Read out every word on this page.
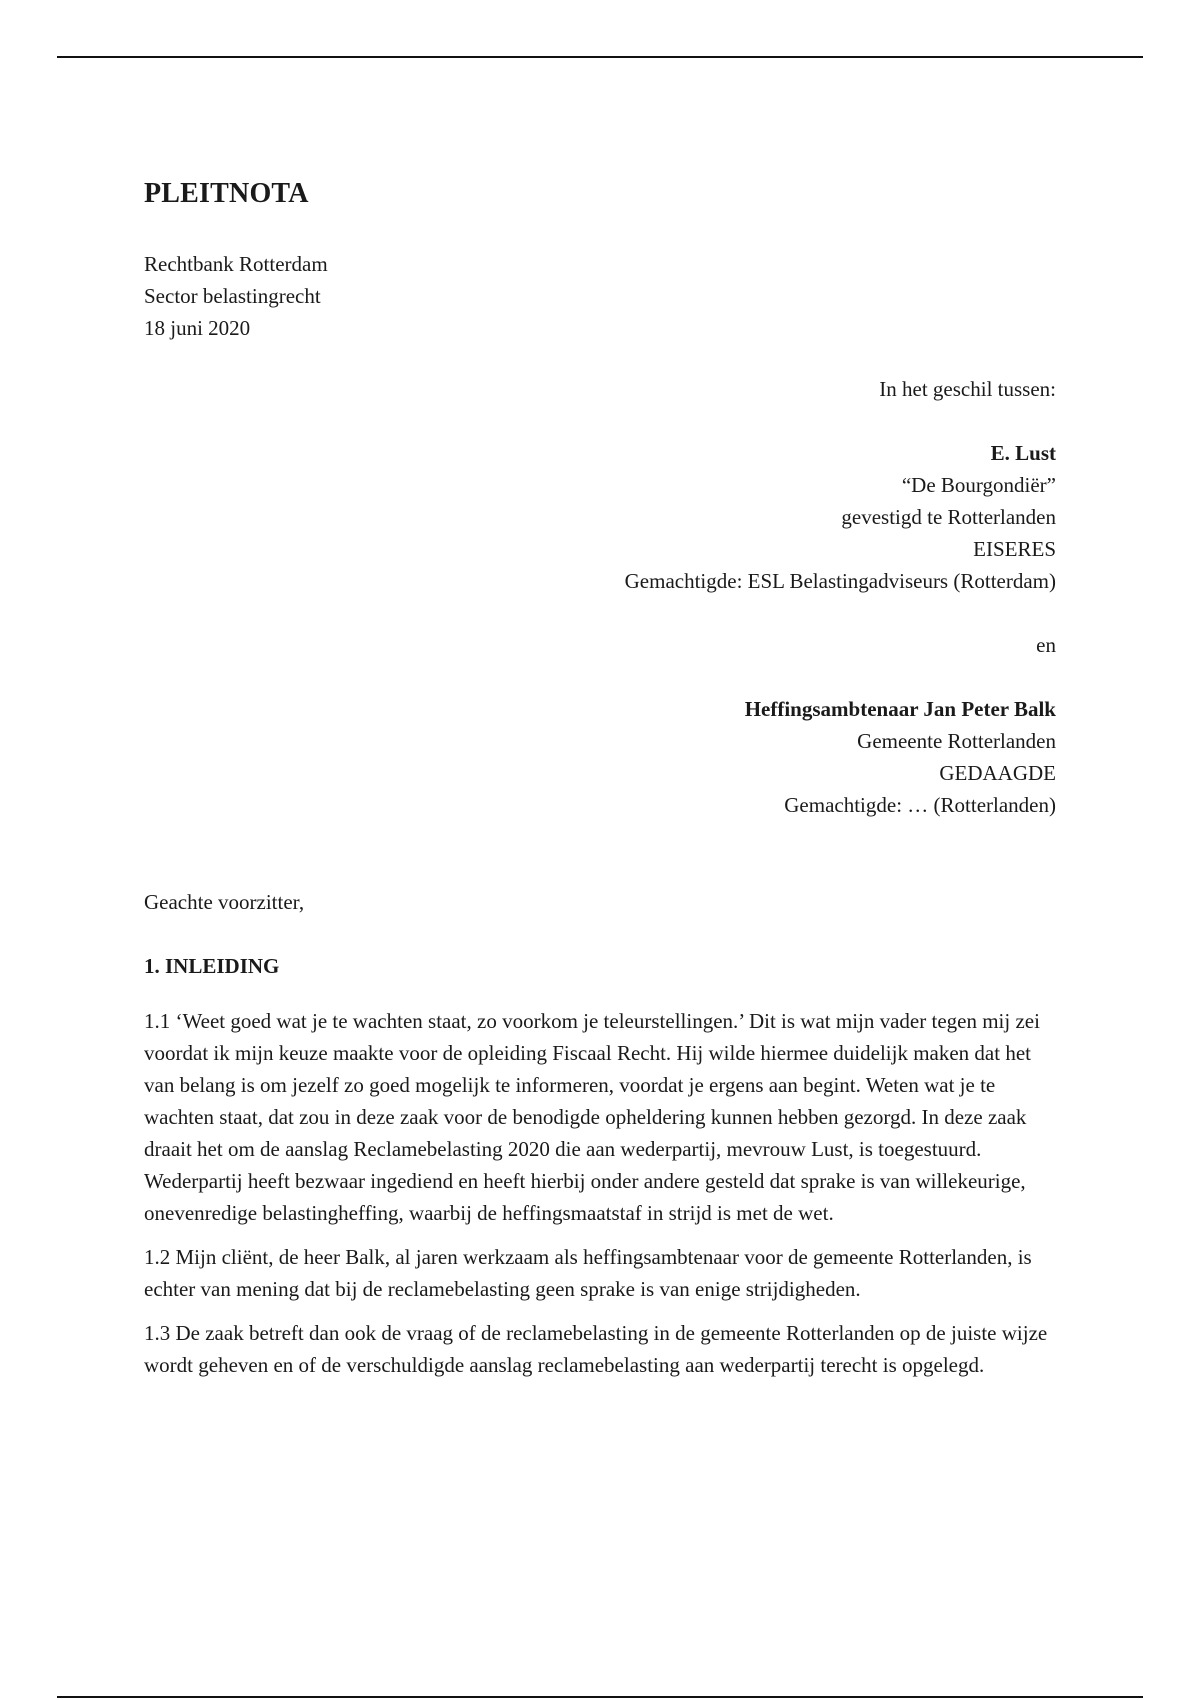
PLEITNOTA
Rechtbank Rotterdam
Sector belastingrecht
18 juni 2020
In het geschil tussen:
E. Lust
“De Bourgondiër”
gevestigd te Rotterlanden
EISERES
Gemachtigde: ESL Belastingadviseurs (Rotterdam)
en
Heffingsambtenaar Jan Peter Balk
Gemeente Rotterlanden
GEDAAGDE
Gemachtigde: … (Rotterlanden)
Geachte voorzitter,
1. INLEIDING

1.1 ‘Weet goed wat je te wachten staat, zo voorkom je teleurstellingen.’ Dit is wat mijn vader tegen mij zei voordat ik mijn keuze maakte voor de opleiding Fiscaal Recht. Hij wilde hiermee duidelijk maken dat het van belang is om jezelf zo goed mogelijk te informeren, voordat je ergens aan begint. Weten wat je te wachten staat, dat zou in deze zaak voor de benodigde opheldering kunnen hebben gezorgd. In deze zaak draait het om de aanslag Reclamebelasting 2020 die aan wederpartij, mevrouw Lust, is toegestuurd. Wederpartij heeft bezwaar ingediend en heeft hierbij onder andere gesteld dat sprake is van willekeurige, onevenredige belastingheffing, waarbij de heffingsmaatstaf in strijd is met de wet.

1.2 Mijn cliënt, de heer Balk, al jaren werkzaam als heffingsambtenaar voor de gemeente Rotterlanden, is echter van mening dat bij de reclamebelasting geen sprake is van enige strijdigheden.

1.3 De zaak betreft dan ook de vraag of de reclamebelasting in de gemeente Rotterlanden op de juiste wijze wordt geheven en of de verschuldigde aanslag reclamebelasting aan wederpartij terecht is opgelegd.
